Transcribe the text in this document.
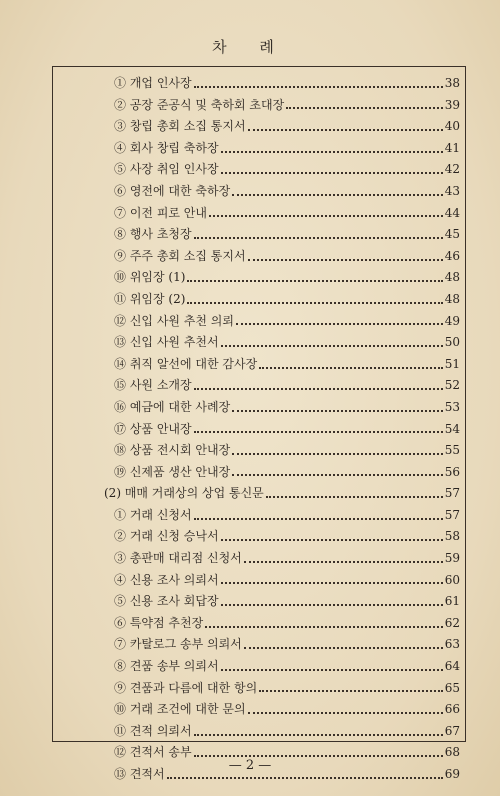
차 례
① 개업 인사장	38
② 공장 준공식 및 축하회 초대장	39
③ 창립 총회 소집 통지서	40
④ 회사 창립 축하장	41
⑤ 사장 취임 인사장	42
⑥ 영전에 대한 축하장	43
⑦ 이전 피로 안내	44
⑧ 행사 초청장	45
⑨ 주주 총회 소집 통지서	46
⑩ 위임장 (1)	48
⑪ 위임장 (2)	48
⑫ 신입 사원 추천 의뢰	49
⑬ 신입 사원 추천서	50
⑭ 취직 알선에 대한 감사장	51
⑮ 사원 소개장	52
⑯ 예금에 대한 사례장	53
⑰ 상품 안내장	54
⑱ 상품 전시회 안내장	55
⑲ 신제품 생산 안내장	56
(2) 매매 거래상의 상업 통신문	57
① 거래 신청서	57
② 거래 신청 승낙서	58
③ 총판매 대리점 신청서	59
④ 신용 조사 의뢰서	60
⑤ 신용 조사 회답장	61
⑥ 특약점 추천장	62
⑦ 카탈로그 송부 의뢰서	63
⑧ 견품 송부 의뢰서	64
⑨ 견품과 다름에 대한 항의	65
⑩ 거래 조건에 대한 문의	66
⑪ 견적 의뢰서	67
⑫ 견적서 송부	68
⑬ 견적서	69
— 2 —
